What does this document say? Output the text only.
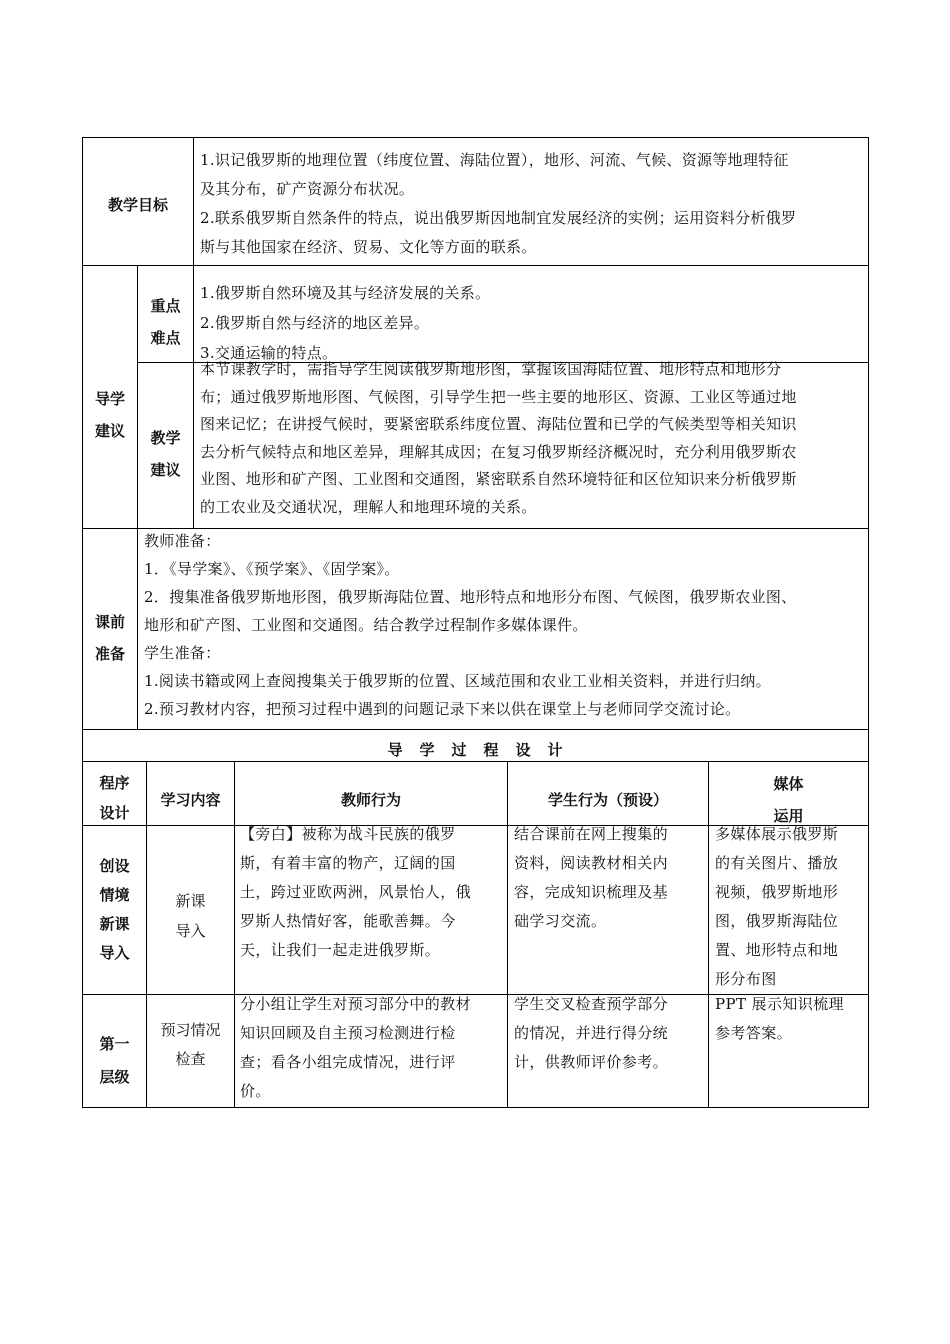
教学目标
1.识记俄罗斯的地理位置（纬度位置、海陆位置），地形、河流、气候、资源等地理特征
及其分布，矿产资源分布状况。
2.联系俄罗斯自然条件的特点，说出俄罗斯因地制宜发展经济的实例；运用资料分析俄罗
斯与其他国家在经济、贸易、文化等方面的联系。
导学
建议
重点
难点
1.俄罗斯自然环境及其与经济发展的关系。
2.俄罗斯自然与经济的地区差异。
3.交通运输的特点。
教学
建议
本节课教学时，需指导学生阅读俄罗斯地形图，掌握该国海陆位置、地形特点和地形分
布；通过俄罗斯地形图、气候图，引导学生把一些主要的地形区、资源、工业区等通过地
图来记忆；在讲授气候时，要紧密联系纬度位置、海陆位置和已学的气候类型等相关知识
去分析气候特点和地区差异，理解其成因；在复习俄罗斯经济概况时，充分利用俄罗斯农
业图、地形和矿产图、工业图和交通图，紧密联系自然环境特征和区位知识来分析俄罗斯
的工农业及交通状况，理解人和地理环境的关系。
课前
准备
教师准备：
1．《导学案》、《预学案》、《固学案》。
2．搜集准备俄罗斯地形图，俄罗斯海陆位置、地形特点和地形分布图、气候图，俄罗斯农业图、
地形和矿产图、工业图和交通图。结合教学过程制作多媒体课件。
学生准备：
1.阅读书籍或网上查阅搜集关于俄罗斯的位置、区域范围和农业工业相关资料，并进行归纳。
2.预习教材内容，把预习过程中遇到的问题记录下来以供在课堂上与老师同学交流讨论。
导　学　过　程　设　计
程序
设计
学习内容	教师行为	学生行为（预设）
媒体
运用
创设
情境
新课
导入
新课
导入
【旁白】被称为战斗民族的俄罗
斯，有着丰富的物产，辽阔的国
土，跨过亚欧两洲，风景怡人，俄
罗斯人热情好客，能歌善舞。今
天，让我们一起走进俄罗斯。
结合课前在网上搜集的
资料，阅读教材相关内
容，完成知识梳理及基
础学习交流。
多媒体展示俄罗斯
的有关图片、播放
视频，俄罗斯地形
图，俄罗斯海陆位
置、地形特点和地
形分布图
第一
层级
预习情况
检查
分小组让学生对预习部分中的教材
知识回顾及自主预习检测进行检
查；看各小组完成情况，进行评
价。
学生交叉检查预学部分
的情况，并进行得分统
计，供教师评价参考。
PPT 展示知识梳理
参考答案。
